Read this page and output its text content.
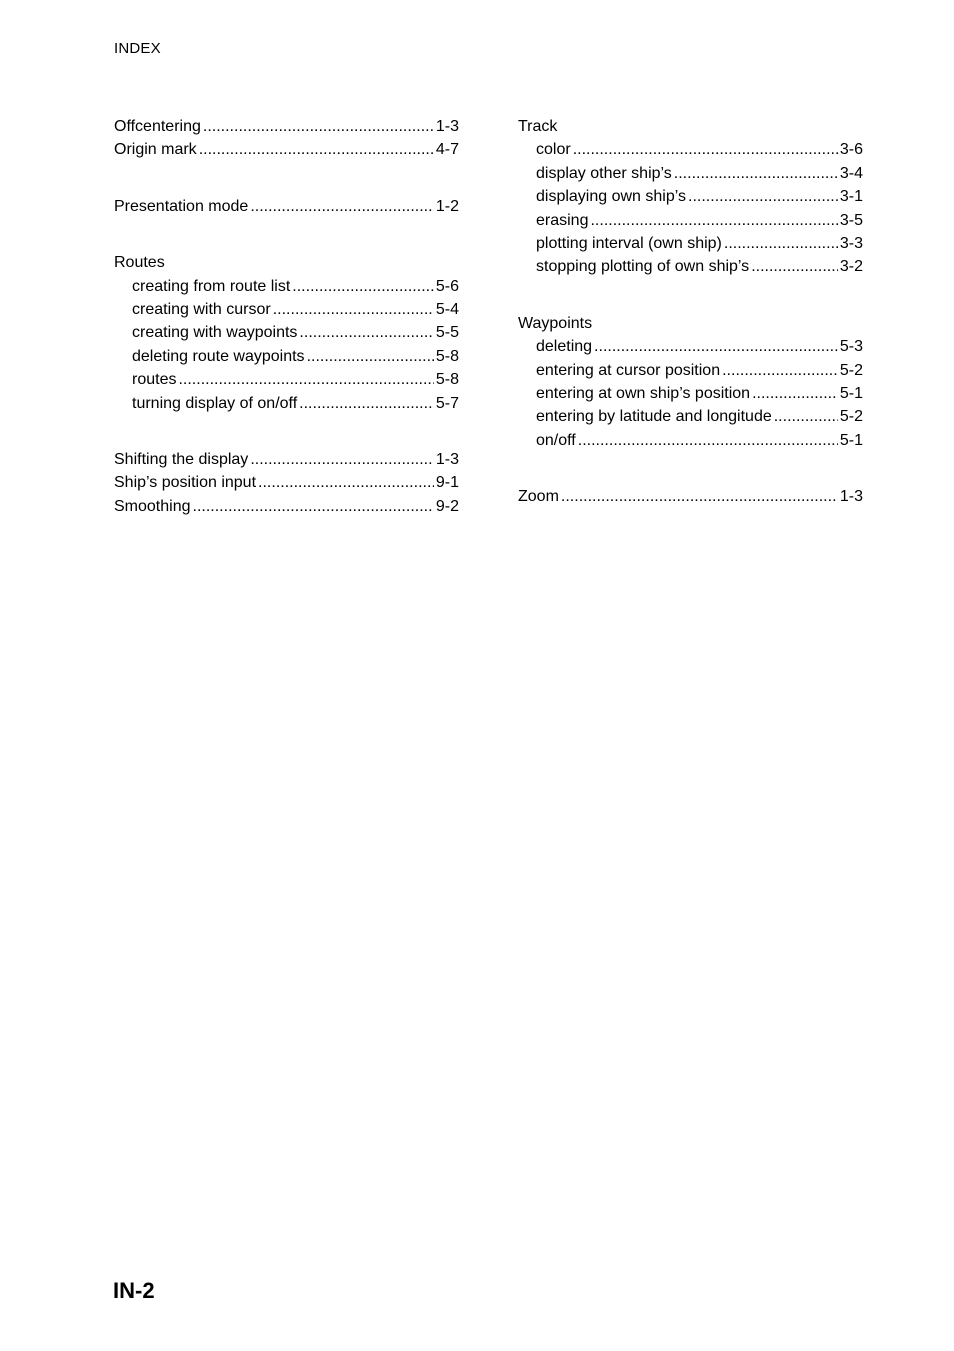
INDEX
Offcentering .....	1-3
Origin mark .....	4-7
Presentation mode .....	1-2
Routes
creating from route list .....	5-6
creating with cursor .....	5-4
creating with waypoints .....	5-5
deleting route waypoints .....	5-8
routes .....	5-8
turning display of on/off .....	5-7
Shifting the display .....	1-3
Ship’s position input .....	9-1
Smoothing .....	9-2
Track
color .....	3-6
display other ship’s .....	3-4
displaying own ship’s .....	3-1
erasing .....	3-5
plotting interval (own ship) .....	3-3
stopping plotting of own ship’s .....	3-2
Waypoints
deleting .....	5-3
entering at cursor position .....	5-2
entering at own ship’s position .....	5-1
entering by latitude and longitude .....	5-2
on/off .....	5-1
Zoom .....	1-3
IN-2
